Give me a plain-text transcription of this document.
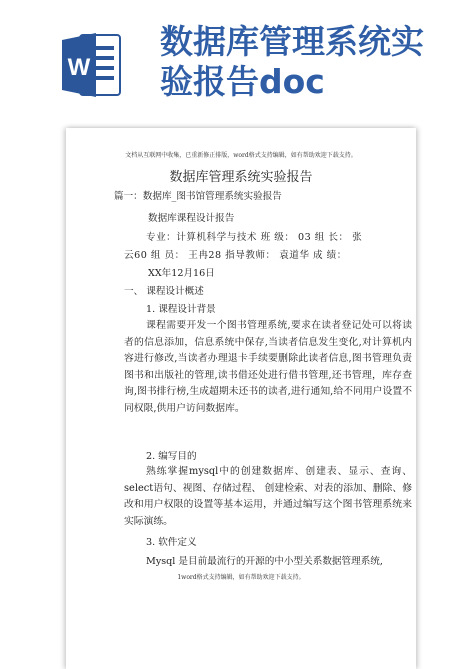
W
数据库管理系统实
验报告doc
文档从互联网中收集，已重新修正排版，word格式支持编辑，如有帮助欢迎下载支持。
数据库管理系统实验报告
篇一：数据库_图书馆管理系统实验报告
数据库课程设计报告
专业：计算机科学与技术 班 级： 03 组 长： 张
云60 组 员： 王冉28 指导教师： 袁道华 成 绩：
XX年12月16日
一、 课程设计概述
1. 课程设计背景
课程需要开发一个图书管理系统,要求在读者登记处可以将读者的信息添加，信息系统中保存,当读者信息发生变化,对计算机内容进行修改,当读者办理退卡手续要删除此读者信息,图书管理负责图书和出版社的管理,读书借还处进行借书管理,还书管理，库存查询,图书排行榜,生成超期未还书的读者,进行通知,给不同用户设置不同权限,供用户访问数据库。
2. 编写目的
熟练掌握mysql中的创建数据库、创建表、显示、查询、select语句、视图、存储过程、 创建检索、对表的添加、删除、修改和用户权限的设置等基本运用，并通过编写这个图书管理系统来实际演练。
3. 软件定义
Mysql 是目前最流行的开源的中小型关系数据管理系统,
1word格式支持编辑，如有帮助欢迎下载支持。
